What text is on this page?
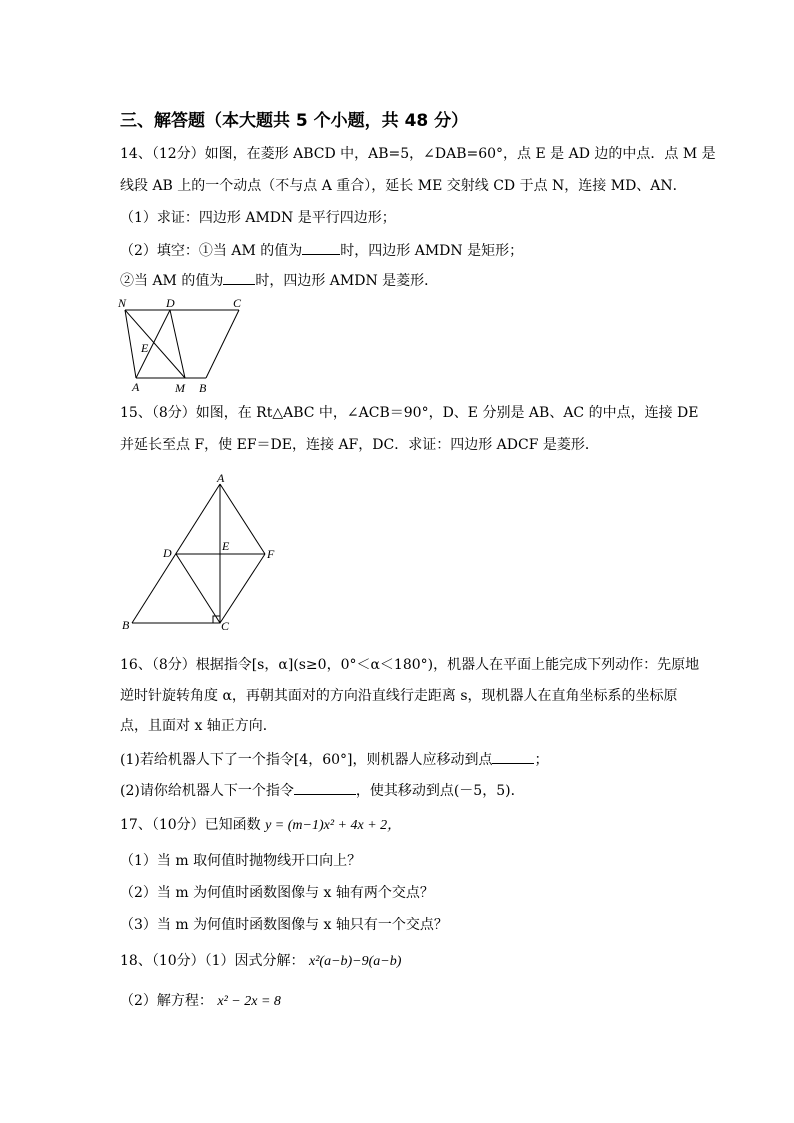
三、解答题（本大题共 5 个小题，共 48 分）
14、（12分）如图，在菱形 ABCD 中，AB=5，∠DAB=60°，点 E 是 AD 边的中点．点 M 是
线段 AB 上的一个动点（不与点 A 重合），延长 ME 交射线 CD 于点 N，连接 MD、AN．
（1）求证：四边形 AMDN 是平行四边形；
（2）填空：①当 AM 的值为	时，四边形 AMDN 是矩形；
②当 AM 的值为 时，四边形 AMDN 是菱形．
N	D	C
E
A	M B
15、（8分）如图，在 Rt△ABC 中，∠ACB＝90°，D、E 分别是 AB、AC 的中点，连接 DE
并延长至点 F，使 EF＝DE，连接 AF，DC．求证：四边形 ADCF 是菱形．
A
D	E
F
B	C
16、（8分）根据指令[s，α](s≥0，0°＜α＜180°)，机器人在平面上能完成下列动作：先原地
逆时针旋转角度 α，再朝其面对的方向沿直线行走距离 s，现机器人在直角坐标系的坐标原
点，且面对 x 轴正方向．
(1)若给机器人下了一个指令[4，60°]，则机器人应移动到点	；
(2)请你给机器人下一个指令	，使其移动到点(－5，5)．
17、（10分）已知函数 y = (m−1)x² + 4x + 2，
（1）当 m 取何值时抛物线开口向上？
（2）当 m 为何值时函数图像与 x 轴有两个交点？
（3）当 m 为何值时函数图像与 x 轴只有一个交点？
18、（10分）（1）因式分解： x²(a−b)−9(a−b)
（2）解方程： x² − 2x = 8
